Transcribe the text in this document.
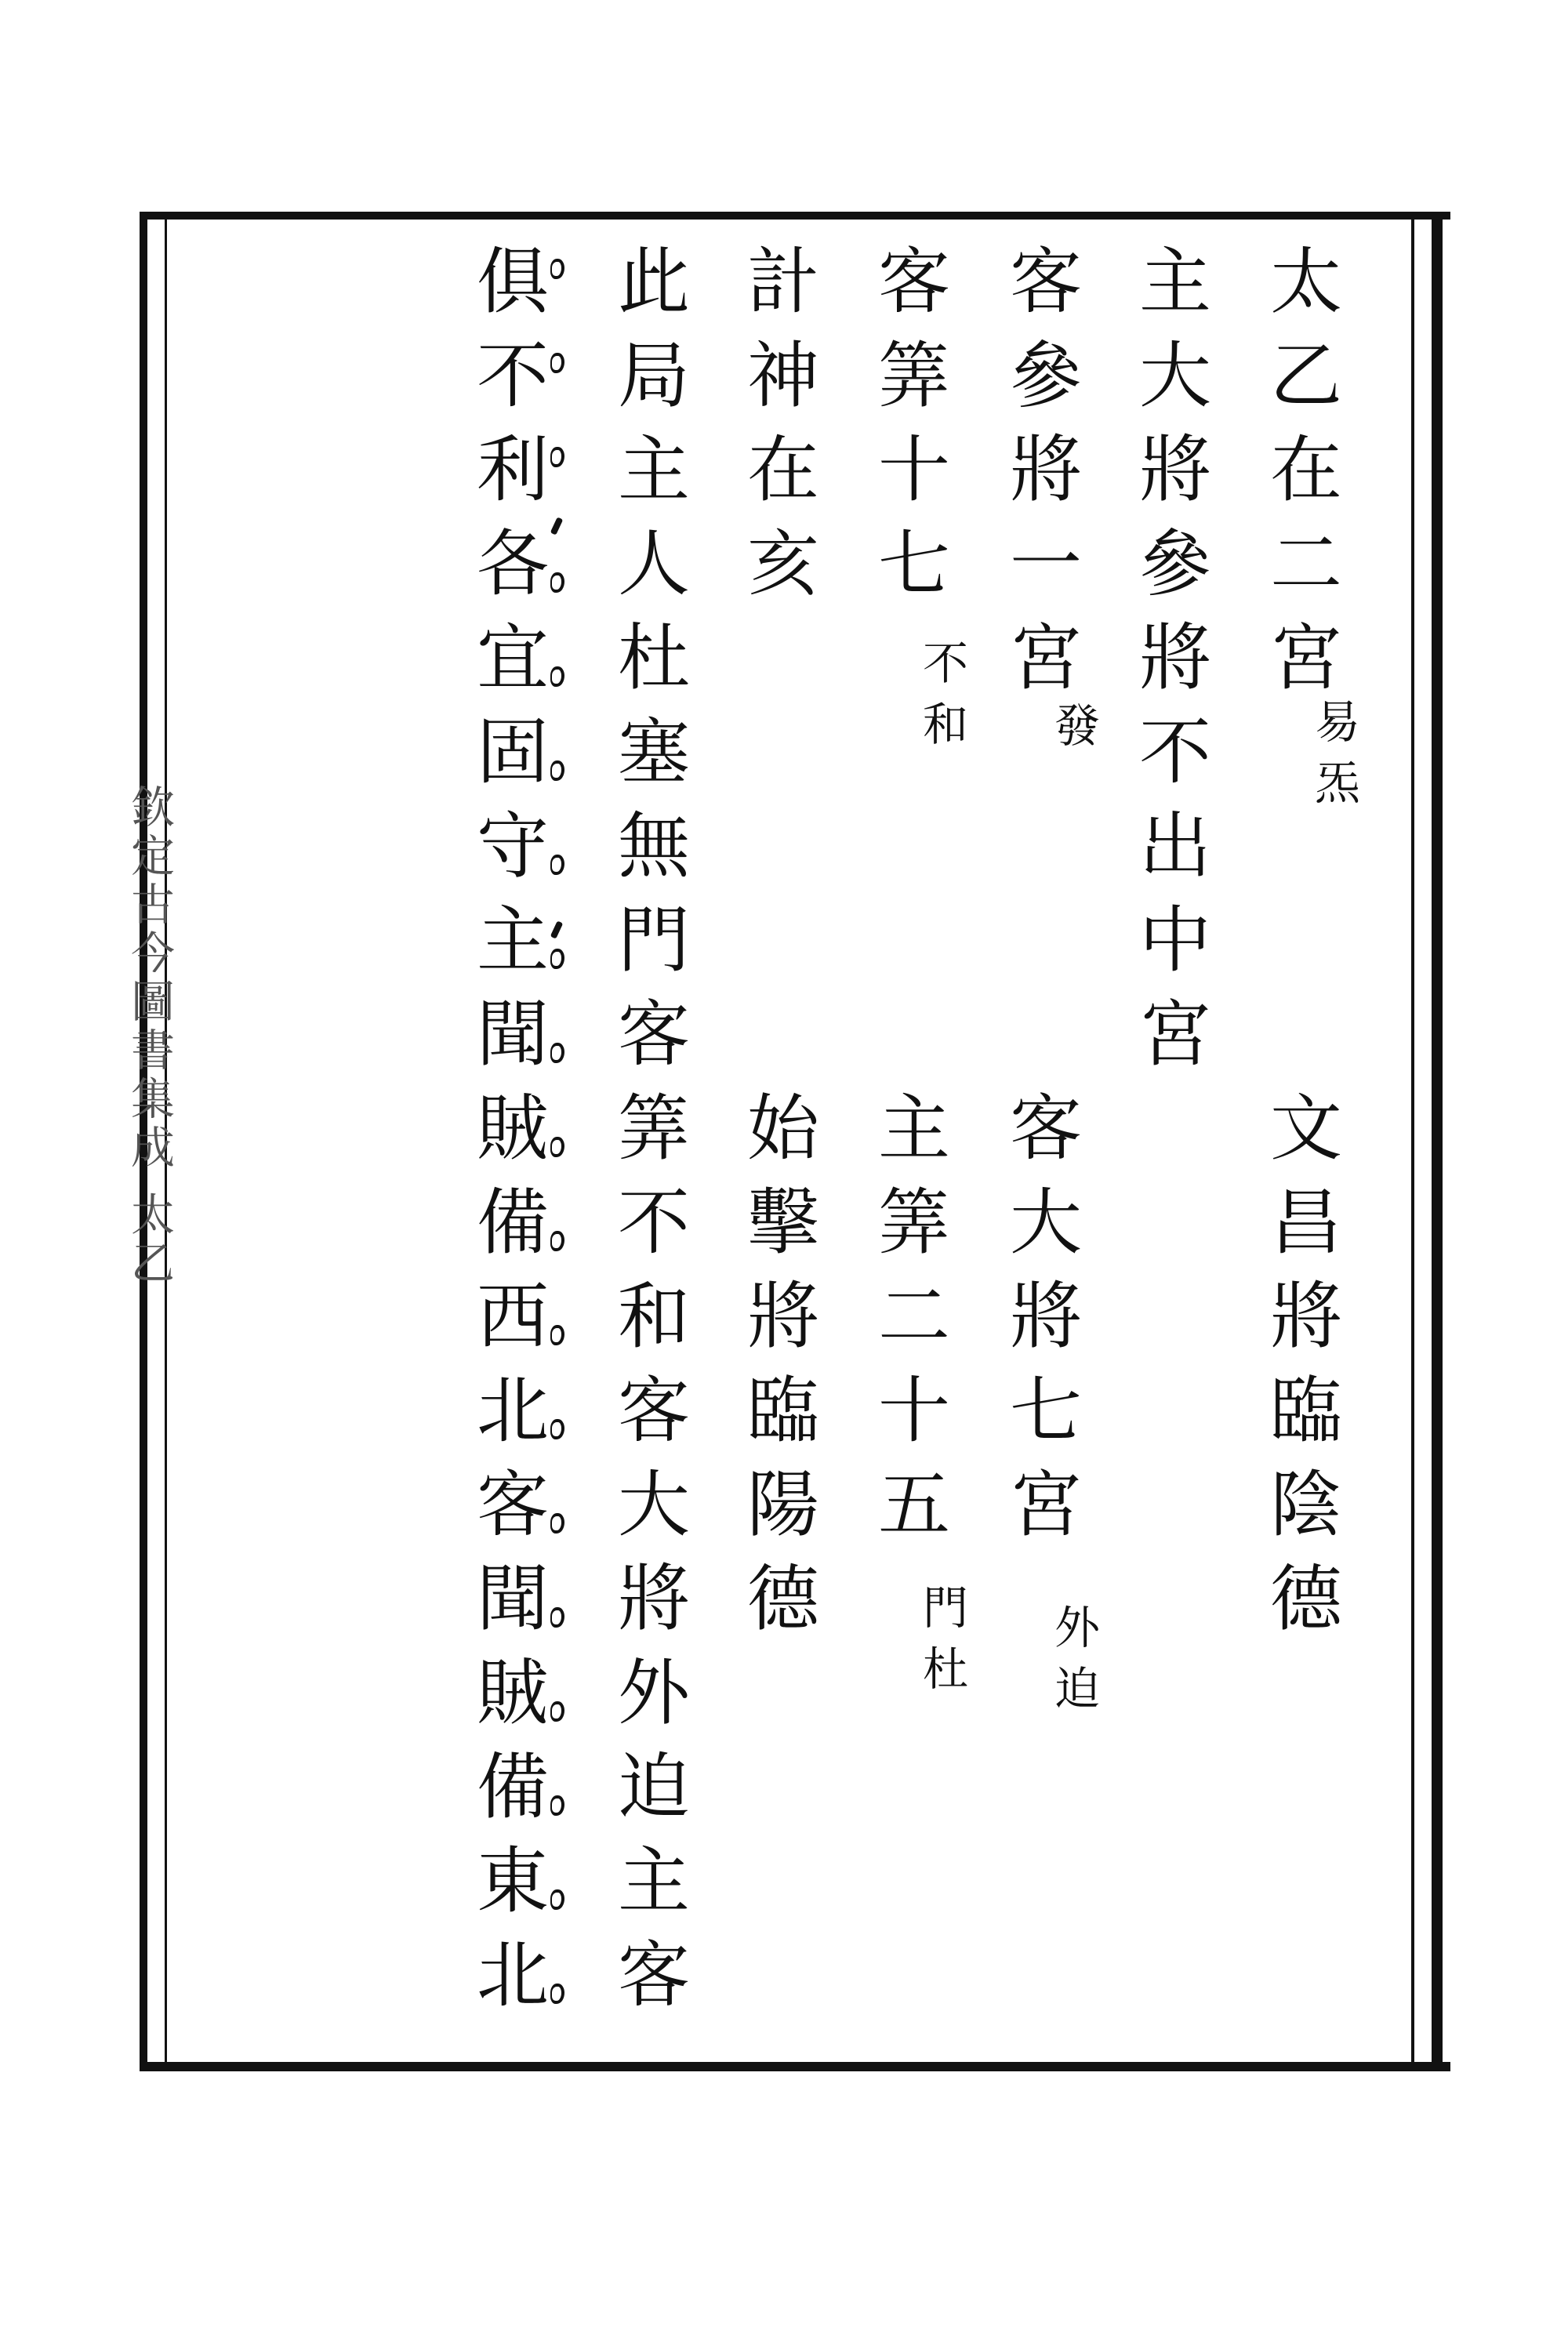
欽定古今圖書集成 太乙
太乙在二宮
易炁
文昌將臨陰德
主大將參將不出中宮
客參將一宮
發
客大將七宮
外迫
客筭十七
不和
主筭二十五
門杜
計神在亥
始擊將臨陽德
此局主人杜塞無門客筭不和客大將外迫主客
俱不利各宜固守主聞賊備西北客聞賊備東北
